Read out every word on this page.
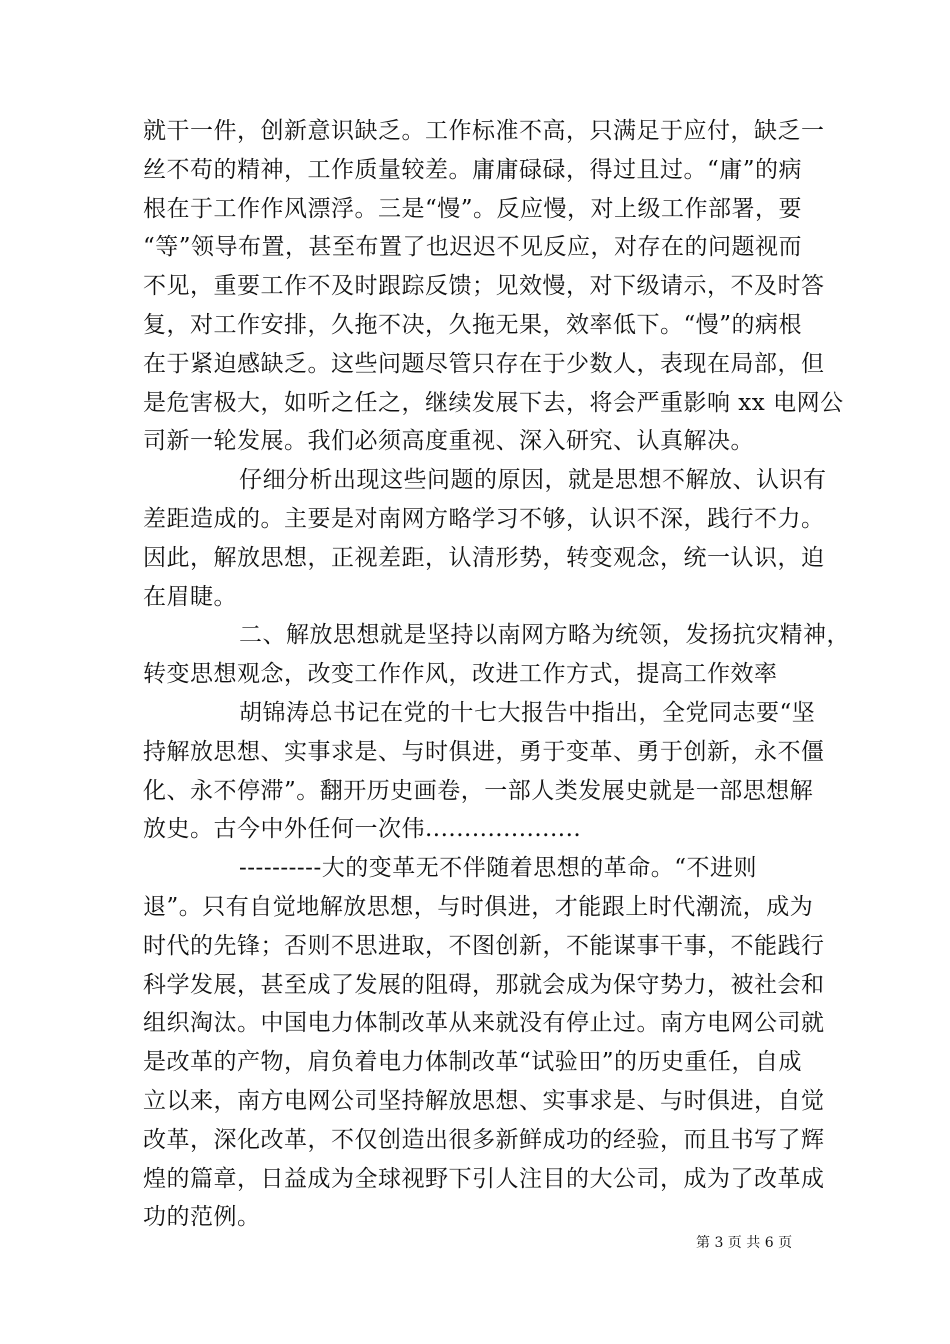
就干一件，创新意识缺乏。工作标准不高，只满足于应付，缺乏一
丝不苟的精神，工作质量较差。庸庸碌碌，得过且过。“庸”的病
根在于工作作风漂浮。三是“慢”。反应慢，对上级工作部署，要
“等”领导布置，甚至布置了也迟迟不见反应，对存在的问题视而
不见，重要工作不及时跟踪反馈；见效慢，对下级请示，不及时答
复，对工作安排，久拖不决，久拖无果，效率低下。“慢”的病根
在于紧迫感缺乏。这些问题尽管只存在于少数人，表现在局部，但
是危害极大，如听之任之，继续发展下去，将会严重影响 xx 电网公
司新一轮发展。我们必须高度重视、深入研究、认真解决。
仔细分析出现这些问题的原因，就是思想不解放、认识有
差距造成的。主要是对南网方略学习不够，认识不深，践行不力。
因此，解放思想，正视差距，认清形势，转变观念，统一认识，迫
在眉睫。
二、解放思想就是坚持以南网方略为统领，发扬抗灾精神，
转变思想观念，改变工作作风，改进工作方式，提高工作效率
胡锦涛总书记在党的十七大报告中指出，全党同志要“坚
持解放思想、实事求是、与时俱进，勇于变革、勇于创新，永不僵
化、永不停滞”。翻开历史画卷，一部人类发展史就是一部思想解
放史。古今中外任何一次伟....................
----------大的变革无不伴随着思想的革命。“不进则
退”。只有自觉地解放思想，与时俱进，才能跟上时代潮流，成为
时代的先锋；否则不思进取，不图创新，不能谋事干事，不能践行
科学发展，甚至成了发展的阻碍，那就会成为保守势力，被社会和
组织淘汰。中国电力体制改革从来就没有停止过。南方电网公司就
是改革的产物，肩负着电力体制改革“试验田”的历史重任，自成
立以来，南方电网公司坚持解放思想、实事求是、与时俱进，自觉
改革，深化改革，不仅创造出很多新鲜成功的经验，而且书写了辉
煌的篇章，日益成为全球视野下引人注目的大公司，成为了改革成
功的范例。
第 3 页 共 6 页
